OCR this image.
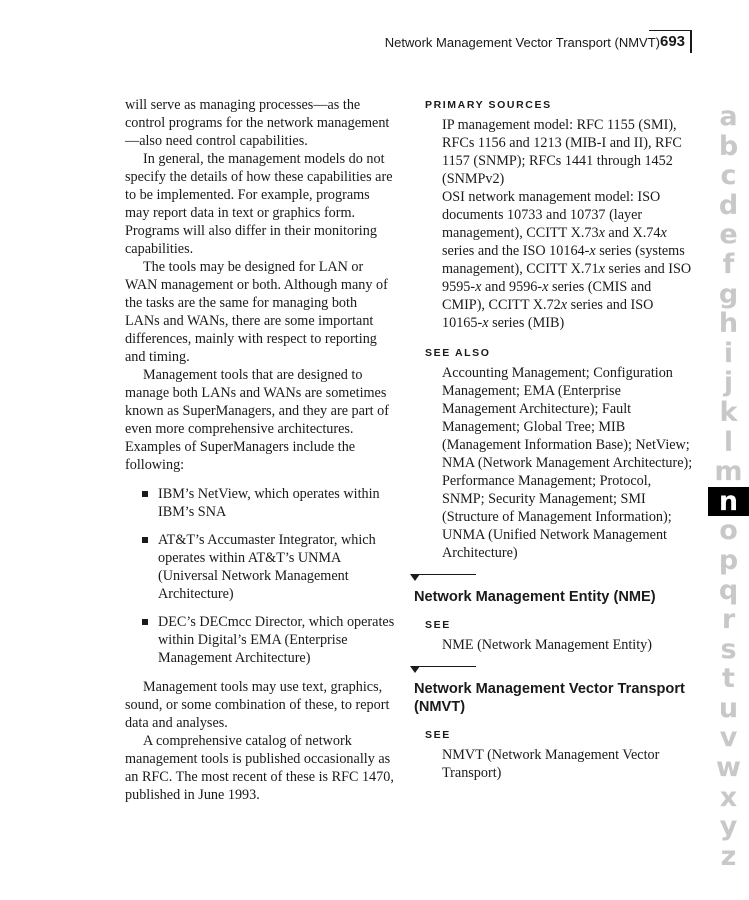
Network Management Vector Transport (NMVT) 693

will serve as managing processes—as the control programs for the network management—also need control capabilities.

In general, the management models do not specify the details of how these capabilities are to be implemented. For example, programs may report data in text or graphics form. Programs will also differ in their monitoring capabilities.

The tools may be designed for LAN or WAN management or both. Although many of the tasks are the same for managing both LANs and WANs, there are some important differences, mainly with respect to reporting and timing.

Management tools that are designed to manage both LANs and WANs are sometimes known as SuperManagers, and they are part of even more comprehensive architectures. Examples of SuperManagers include the following:

IBM’s NetView, which operates within IBM’s SNA
AT&T’s Accumaster Integrator, which operates within AT&T’s UNMA (Universal Network Management Architecture)
DEC’s DECmcc Director, which operates within Digital’s EMA (Enterprise Management Architecture)

Management tools may use text, graphics, sound, or some combination of these, to report data and analyses.

A comprehensive catalog of network management tools is published occasionally as an RFC. The most recent of these is RFC 1470, published in June 1993.

PRIMARY SOURCES

IP management model: RFC 1155 (SMI), RFCs 1156 and 1213 (MIB-I and II), RFC 1157 (SNMP); RFCs 1441 through 1452 (SNMPv2)

OSI network management model: ISO documents 10733 and 10737 (layer management), CCITT X.73x and X.74x series and the ISO 10164-x series (systems management), CCITT X.71x series and ISO 9595-x and 9596-x series (CMIS and CMIP), CCITT X.72x series and ISO 10165-x series (MIB)

SEE ALSO

Accounting Management; Configuration Management; EMA (Enterprise Management Architecture); Fault Management; Global Tree; MIB (Management Information Base); NetView; NMA (Network Management Architecture); Performance Management; Protocol, SNMP; Security Management; SMI (Structure of Management Information); UNMA (Unified Network Management Architecture)

Network Management Entity (NME)
SEE

NME (Network Management Entity)

Network Management Vector Transport (NMVT)
SEE

NMVT (Network Management Vector Transport)

a
b
c
d
e
f
g
h
i
j
k
l
m
n
o
p
q
r
s
t
u
v
w
x
y
z
